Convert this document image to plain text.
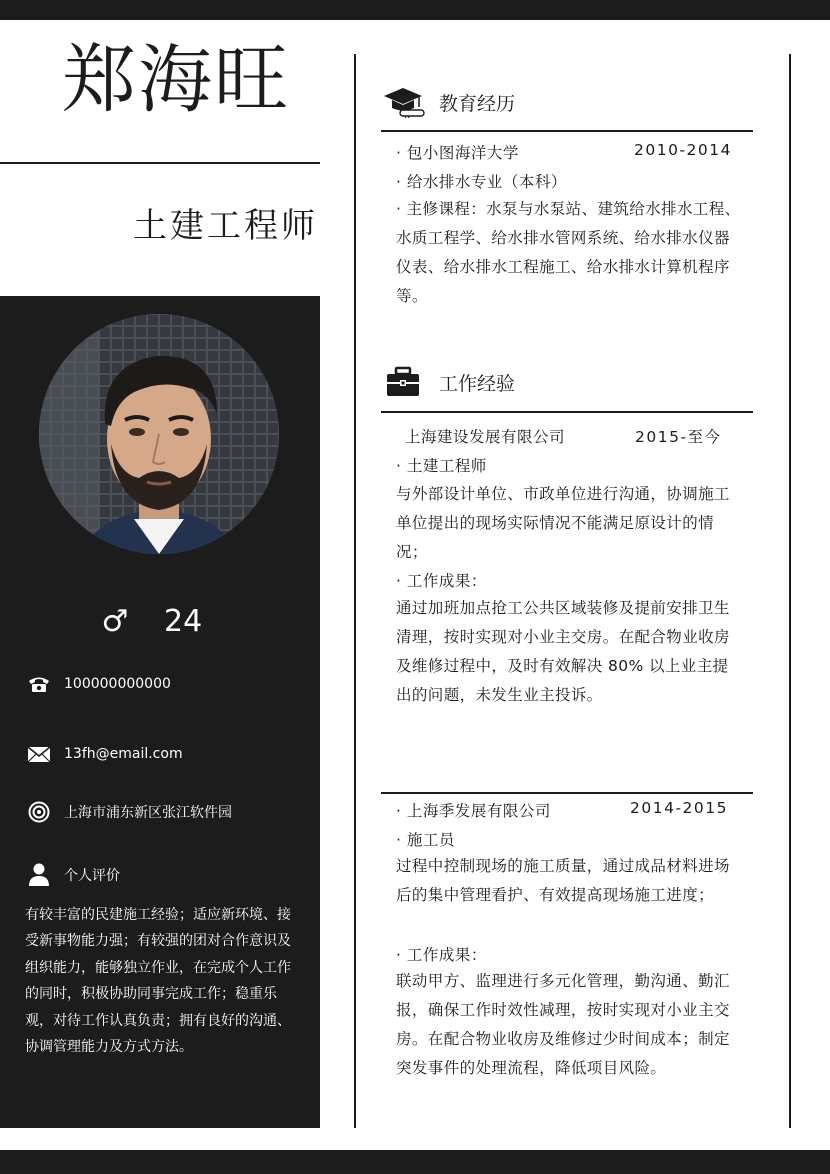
郑海旺
土建工程师
♂ 24
100000000000
13fh@email.com
上海市浦东新区张江软件园
个人评价
有较丰富的民建施工经验；适应新环境、接受新事物能力强；有较强的团对合作意识及组织能力，能够独立作业，在完成个人工作的同时，积极协助同事完成工作；稳重乐观，对待工作认真负责；拥有良好的沟通、协调管理能力及方式方法。
教育经历
· 包小图海洋大学	2010-2014
· 给水排水专业（本科）
· 主修课程：水泵与水泵站、建筑给水排水工程、水质工程学、给水排水管网系统、给水排水仪器仪表、给水排水工程施工、给水排水计算机程序等。
工作经验
上海建设发展有限公司	2015-至今
· 土建工程师
与外部设计单位、市政单位进行沟通，协调施工单位提出的现场实际情况不能满足原设计的情况；
· 工作成果：
通过加班加点抢工公共区域装修及提前安排卫生清理，按时实现对小业主交房。在配合物业收房及维修过程中，及时有效解决 80% 以上业主提出的问题，未发生业主投诉。
· 上海季发展有限公司	2014-2015
· 施工员
过程中控制现场的施工质量，通过成品材料进场后的集中管理看护、有效提高现场施工进度；
· 工作成果：
联动甲方、监理进行多元化管理，勤沟通、勤汇报，确保工作时效性减理，按时实现对小业主交房。在配合物业收房及维修过少时间成本；制定突发事件的处理流程，降低项目风险。
